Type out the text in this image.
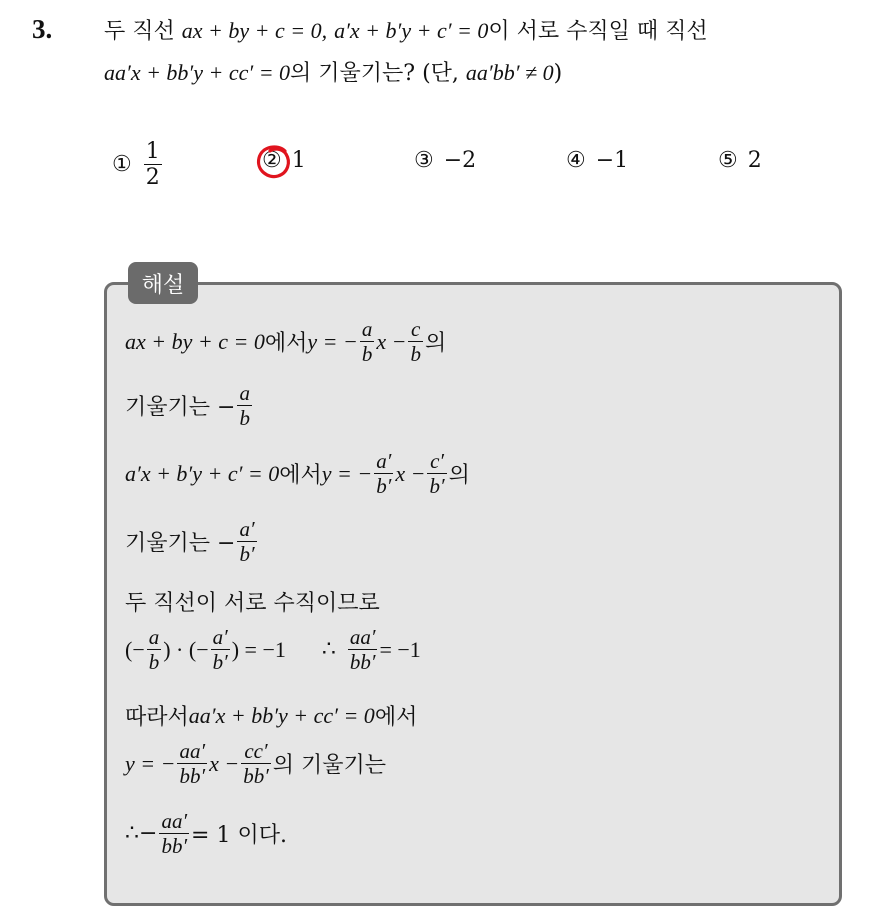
3. 두 직선 ax + by + c = 0, a′x + b′y + c′ = 0이 서로 수직일 때 직선
aa′x + bb′y + cc′ = 0의 기울기는? (단, aa′bb′ ≠ 0)
① $\frac{1}{2}$	② 1	③ −2	④ −1	⑤ 2
해설
ax + by + c = 0 에서 y = − $\frac{a}{b}$ $x - \frac{c}{b}$ 의
기울기는 − $\frac{a}{b}$
a′x + b′y + c′ = 0 에서 y = − $\frac{a'}{b'}$ $x - \frac{c'}{b'}$ 의
기울기는 − $\frac{a'}{b'}$
두 직선이 서로 수직이므로
(− $\frac{a}{b}$ ) · (− $\frac{a'}{b'}$ ) = −1 ∴ $\frac{aa'}{bb'} = -1$
따라서 aa′x + bb′y + cc′ = 0 에서
y = − $\frac{aa'}{bb'}$ $x - \frac{cc'}{bb'}$ 의 기울기는
∴ − $\frac{aa'}{bb'} = 1$ 이다.
